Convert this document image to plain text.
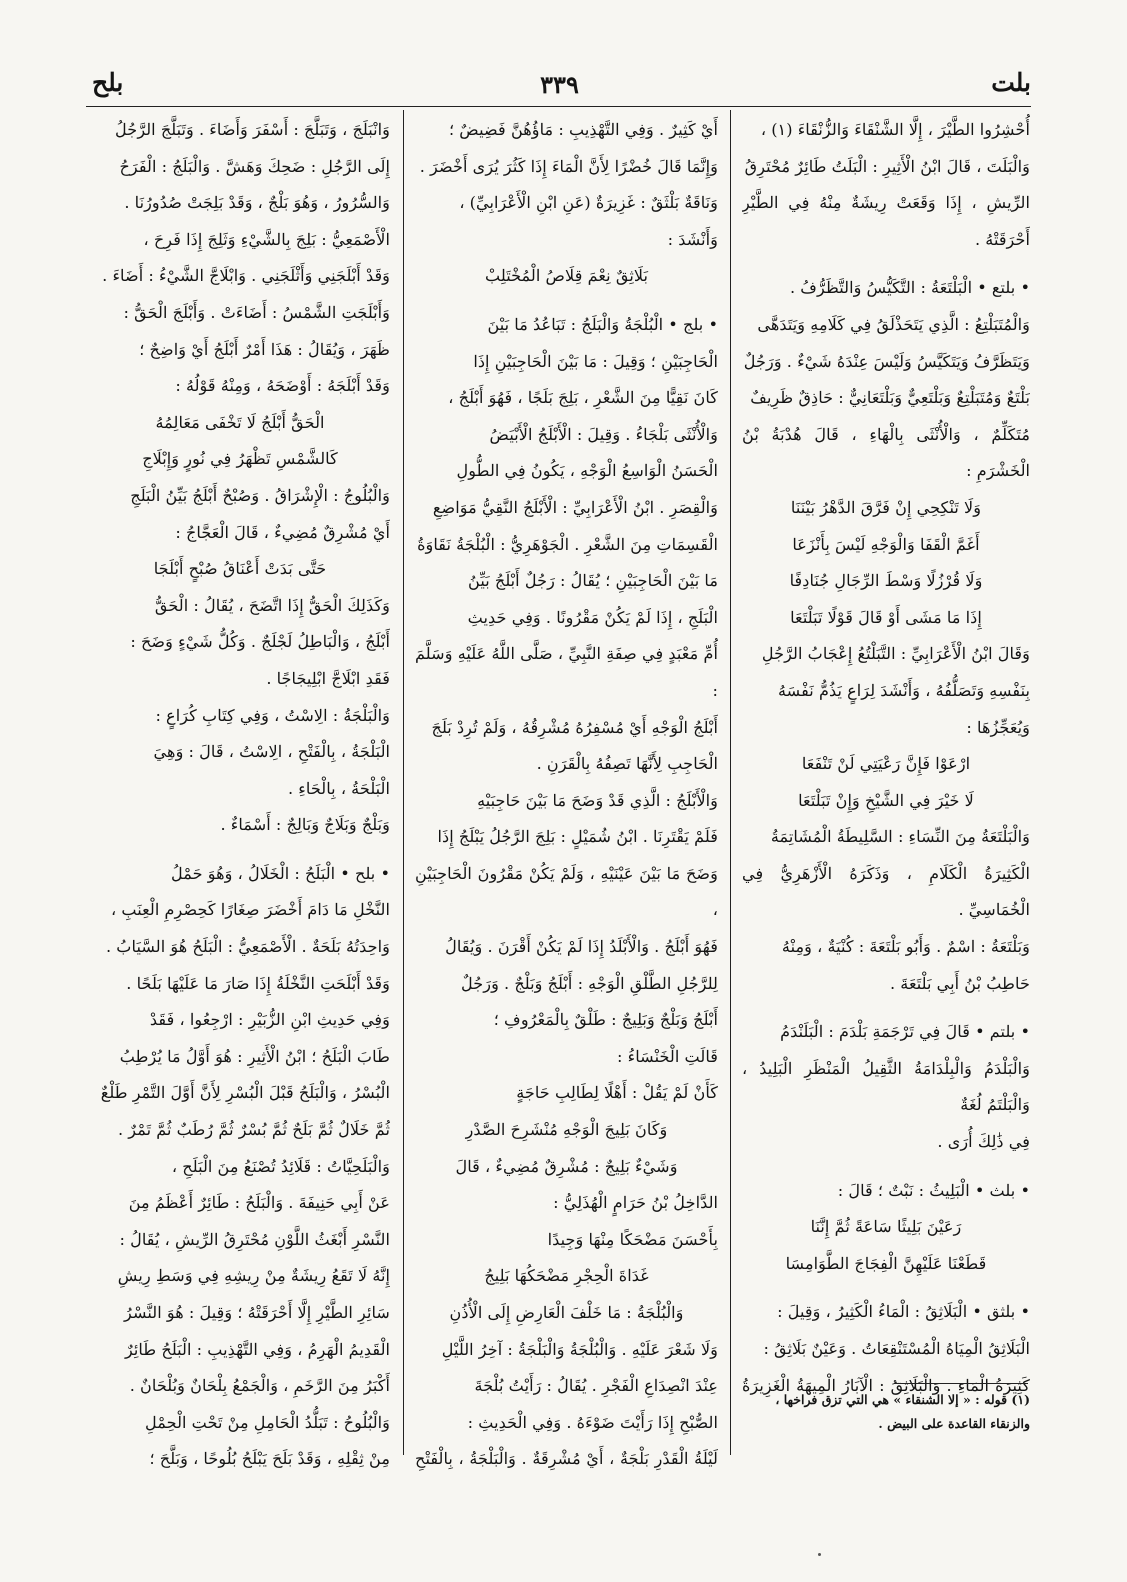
بلح	٣٣٩	بلت

أُحْشِرُوا الطَّيْرَ ، إِلَّا الشَّنْقَاءَ وَالزُّنْقَاءَ (١) ،

وَالْبَلَتَ ، قَالَ ابْنُ الْأَثِيرِ : الْبَلَتُ طَائِرٌ مُحْتَرِقُ

الرِّيشِ ، إِذَا وَقَعَتْ رِيشَةٌ مِنْهُ فِي الطَّيْرِ أَحْرَقَتْهُ .

• بلتع • الْبَلْتَعَةُ : التَّكَيُّسُ وَالتَّظَرُّفُ .

وَالْمُتَبَلْتِعُ : الَّذِي يَتَحَذْلَقُ فِي كَلَامِهِ وَيَتَدَهَّى

وَيَتَظَرَّفُ وَيَتَكَيَّسُ وَلَيْسَ عِنْدَهُ شَيْءٌ . وَرَجُلٌ

بَلْتَعٌ وَمُتَبَلْتِعٌ وَبَلْتَعِيٌّ وَبَلْتَعَانِيٌّ : حَاذِقٌ ظَرِيفٌ

مُتَكَلِّمٌ ، وَالْأُنْثَى بِالْهَاءِ ، قَالَ هُدْبَةُ بْنُ الْخَشْرَمِ :

وَلَا تَنْكِحِي إِنْ فَرَّقَ الدَّهْرُ بَيْنَنَا

أَغَمَّ الْقَفَا وَالْوَجْهِ لَيْسَ بِأَنْزَعَا

وَلَا قُرْزُلًا وَسْطَ الرِّجَالِ جُنَادِفًا

إِذَا مَا مَشَى أَوْ قَالَ قَوْلًا تَبَلْتَعَا

وَقَالَ ابْنُ الْأَعْرَابِيِّ : التَّبَلْتُعُ إِعْجَابُ الرَّجُلِ

بِنَفْسِهِ وَتَصَلُّفُهُ ، وَأَنْشَدَ لِرَاعٍ يَذُمُّ نَفْسَهُ

وَيُعَجِّزُهَا :

ارْعَوْا فَإِنَّ رَعْيَتِي لَنْ تَنْفَعَا

لَا خَيْرَ فِي الشَّيْخِ وَإِنْ تَبَلْتَعَا

وَالْبَلْتَعَةُ مِنَ النِّسَاءِ : السَّلِيطَةُ الْمُشَاتِمَةُ

الْكَثِيرَةُ الْكَلَامِ ، وَذَكَرَهُ الْأَزْهَرِيُّ فِي الْخُمَاسِيِّ .

وَبَلْتَعَةُ : اسْمٌ . وَأَبُو بَلْتَعَةَ : كُنْيَةٌ ، وَمِنْهُ

حَاطِبُ بْنُ أَبِي بَلْتَعَةَ .

• بلتم • قَالَ فِي تَرْجَمَةِ بَلْدَمَ : الْبَلَنْدَمُ

وَالْبَلْدَمُ وَالْبِلْدَامَةُ الثَّقِيلُ الْمَنْظَرِ الْبَلِيدُ ، وَالْبَلْتَمُ لُغَةٌ

فِي ذَٰلِكَ أُرَى .

• بلث • الْبَلِيثُ : نَبْتٌ ؛ قَالَ :

رَعَيْنَ بَلِيثًا سَاعَةً ثُمَّ إِنَّنَا

قَطَعْنَا عَلَيْهِنَّ الْفِجَاجَ الطَّوَامِسَا

• بلثق • الْبَلَاثِقُ : الْمَاءُ الْكَثِيرُ ، وَقِيلَ :

الْبَلَاثِقُ الْمِيَاهُ الْمُسْتَنْقِعَاتُ . وَعَيْنٌ بَلَاثِقُ :

كَثِيرَةُ الْمَاءِ . وَالْبَلَاثِقُ : الْآبَارُ الْمِيهَةُ الْغَزِيرَةُ

أَيْ كَثِيرٌ . وَفِي التَّهْذِيبِ : مَاؤُهُنَّ فَضِيضٌ ؛

وَإِنَّمَا قَالَ خُضْرًا لِأَنَّ الْمَاءَ إِذَا كَثُرَ يُرَى أَخْضَرَ .

وَنَاقَةٌ بَلْثَقٌ : غَزِيرَةٌ (عَنِ ابْنِ الْأَعْرَابِيِّ) ،

وَأَنْشَدَ :

بَلَاثِقٌ نِعْمَ قِلَاصُ الْمُخْتَلِبْ

• بلج • الْبُلْجَةُ وَالْبَلَجُ : تَبَاعُدُ مَا بَيْنَ

الْحَاجِبَيْنِ ؛ وَقِيلَ : مَا بَيْنَ الْحَاجِبَيْنِ إِذَا

كَانَ نَقِيًّا مِنَ الشَّعْرِ ، بَلِجَ بَلَجًا ، فَهُوَ أَبْلَجُ ،

وَالْأُنْثَى بَلْجَاءُ . وَقِيلَ : الْأَبْلَجُ الْأَبْيَضُ

الْحَسَنُ الْوَاسِعُ الْوَجْهِ ، يَكُونُ فِي الطُّولِ

وَالْقِصَرِ . ابْنُ الْأَعْرَابِيِّ : الْأَبْلَجُ النَّقِيُّ مَوَاضِعِ

الْقَسِمَاتِ مِنَ الشَّعْرِ . الْجَوْهَرِيُّ : الْبُلْجَةُ نَقَاوَةُ

مَا بَيْنَ الْحَاجِبَيْنِ ؛ يُقَالُ : رَجُلٌ أَبْلَجُ بَيِّنُ

الْبَلَجِ ، إِذَا لَمْ يَكُنْ مَقْرُونًا . وَفِي حَدِيثِ

أُمِّ مَعْبَدٍ فِي صِفَةِ النَّبِيِّ ، صَلَّى اللَّهُ عَلَيْهِ وَسَلَّمَ :

أَبْلَجُ الْوَجْهِ أَيْ مُسْفِرُهُ مُشْرِقُهُ ، وَلَمْ تُرِدْ بَلَجَ

الْحَاجِبِ لِأَنَّهَا تَصِفُهُ بِالْقَرَنِ .

وَالْأَبْلَجُ : الَّذِي قَدْ وَضَحَ مَا بَيْنَ حَاجِبَيْهِ

فَلَمْ يَقْتَرِنَا . ابْنُ شُمَيْلٍ : بَلِجَ الرَّجُلُ يَبْلَجُ إِذَا

وَضَحَ مَا بَيْنَ عَيْنَيْهِ ، وَلَمْ يَكُنْ مَقْرُونَ الْحَاجِبَيْنِ ،

فَهُوَ أَبْلَجُ . وَالْأَبْلَدُ إِذَا لَمْ يَكُنْ أَقْرَنَ . وَيُقَالُ

لِلرَّجُلِ الطَّلْقِ الْوَجْهِ : أَبْلَجُ وَبَلْجٌ . وَرَجُلٌ

أَبْلَجُ وَبَلْجٌ وَبَلِيجٌ : طَلْقٌ بِالْمَعْرُوفِ ؛

قَالَتِ الْخَنْسَاءُ :

كَأَنْ لَمْ يَقُلْ : أَهْلًا لِطَالِبِ حَاجَةٍ

وَكَانَ بَلِيجَ الْوَجْهِ مُنْشَرِحَ الصَّدْرِ

وَشَيْءٌ بَلِيجٌ : مُشْرِقٌ مُضِيءٌ ، قَالَ

الدَّاخِلُ بْنُ حَرَامٍ الْهُذَلِيُّ :

بِأَحْسَنَ مَضْحَكًا مِنْهَا وَجِيدًا

غَدَاةَ الْحِجْرِ مَضْحَكُهَا بَلِيجُ

وَالْبُلْجَةُ : مَا خَلْفَ الْعَارِضِ إِلَى الْأُذُنِ

وَلَا شَعْرَ عَلَيْهِ . وَالْبُلْجَةُ وَالْبَلْجَةُ : آخِرُ اللَّيْلِ

عِنْدَ انْصِدَاعِ الْفَجْرِ . يُقَالُ : رَأَيْتُ بُلْجَةَ

الصُّبْحِ إِذَا رَأَيْتَ ضَوْءَهُ . وَفِي الْحَدِيثِ :

لَيْلَةُ الْقَدْرِ بَلْجَةٌ ، أَيْ مُشْرِقَةٌ . وَالْبَلْجَةُ ، بِالْفَتْحِ

وَانْبَلَجَ ، وَتَبَلَّجَ : أَسْفَرَ وَأَضَاءَ . وَتَبَلَّجَ الرَّجُلُ

إِلَى الرَّجُلِ : ضَحِكَ وَهَشَّ . وَالْبَلَجُ : الْفَرَحُ

وَالسُّرُورُ ، وَهُوَ بَلْجٌ ، وَقَدْ بَلِجَتْ صُدُورُنَا .

الْأَصْمَعِيُّ : بَلِجَ بِالشَّيْءِ وَثَلِجَ إِذَا فَرِحَ ،

وَقَدْ أَبْلَجَنِي وَأَثْلَجَنِي . وَابْلَاجَّ الشَّيْءُ : أَضَاءَ .

وَأَبْلَجَتِ الشَّمْسُ : أَضَاءَتْ . وَأَبْلَجَ الْحَقُّ :

ظَهَرَ ، وَيُقَالُ : هَذَا أَمْرٌ أَبْلَجُ أَيْ وَاضِحٌ ؛

وَقَدْ أَبْلَجَهُ : أَوْضَحَهُ ، وَمِنْهُ قَوْلُهُ :

الْحَقُّ أَبْلَجُ لَا تَخْفَى مَعَالِمُهُ

كَالشَّمْسِ تَظْهَرُ فِي نُورٍ وَإِبْلَاجِ

وَالْبُلُوجُ : الْإِشْرَاقُ . وَصُبْحٌ أَبْلَجُ بَيِّنُ الْبَلَجِ

أَيْ مُشْرِقٌ مُضِيءٌ ، قَالَ الْعَجَّاجُ :

حَتَّى بَدَتْ أَعْنَاقُ صُبْحٍ أَبْلَجَا

وَكَذَلِكَ الْحَقُّ إِذَا اتَّضَحَ ، يُقَالُ : الْحَقُّ

أَبْلَجُ ، وَالْبَاطِلُ لَجْلَجٌ . وَكُلُّ شَيْءٍ وَضَحَ :

فَقَدِ ابْلَاجَّ ابْلِيجَاجًا .

وَالْبَلْجَةُ : الِاسْتُ ، وَفِي كِتَابِ كُرَاعٍ :

الْبَلْجَةُ ، بِالْفَتْحِ ، الِاسْتُ ، قَالَ : وَهِيَ

الْبَلْحَةُ ، بِالْحَاءِ .

وَبَلْجٌ وَبَلَاجٌ وَبَالِجٌ : أَسْمَاءٌ .

• بلح • الْبَلَحُ : الْخَلَالُ ، وَهُوَ حَمْلُ

النَّخْلِ مَا دَامَ أَخْضَرَ صِغَارًا كَحِصْرِمِ الْعِنَبِ ،

وَاحِدَتُهُ بَلَحَةٌ . الْأَصْمَعِيُّ : الْبَلَحُ هُوَ السَّيَابُ .

وَقَدْ أَبْلَحَتِ النَّخْلَةُ إِذَا صَارَ مَا عَلَيْهَا بَلَحًا .

وَفِي حَدِيثِ ابْنِ الزُّبَيْرِ : ارْجِعُوا ، فَقَدْ

طَابَ الْبَلَحُ ؛ ابْنُ الْأَثِيرِ : هُوَ أَوَّلُ مَا يُرْطِبُ

الْبُسْرُ ، وَالْبَلَحُ قَبْلَ الْبُسْرِ لِأَنَّ أَوَّلَ التَّمْرِ طَلْعٌ

ثُمَّ خَلَالٌ ثُمَّ بَلَحٌ ثُمَّ بُسْرٌ ثُمَّ رُطَبٌ ثُمَّ تَمْرٌ .

وَالْبَلَحِيَّاتُ : قَلَائِدُ تُصْنَعُ مِنَ الْبَلَحِ ،

عَنْ أَبِي حَنِيفَةَ . وَالْبَلَحُ : طَائِرٌ أَعْظَمُ مِنَ

النَّسْرِ أَبْغَثُ اللَّوْنِ مُحْتَرِقُ الرِّيشِ ، يُقَالُ :

إِنَّهُ لَا تَقَعُ رِيشَةٌ مِنْ رِيشِهِ فِي وَسَطِ رِيشِ

سَائِرِ الطَّيْرِ إِلَّا أَحْرَقَتْهُ ؛ وَقِيلَ : هُوَ النَّسْرُ

الْقَدِيمُ الْهَرِمُ ، وَفِي التَّهْذِيبِ : الْبَلَحُ طَائِرٌ

أَكْبَرُ مِنَ الرَّخَمِ ، وَالْجَمْعُ بِلْحَانٌ وَبُلْحَانٌ .

وَالْبُلُوحُ : تَبَلُّدُ الْحَامِلِ مِنْ تَحْتِ الْحِمْلِ

مِنْ ثِقْلِهِ ، وَقَدْ بَلَحَ يَبْلَحُ بُلُوحًا ، وَبَلَّحَ ؛

(١) قوله : « إلا الشنقاء » هي التي تزق فراخها ،
والزنقاء القاعدة على البيض .
